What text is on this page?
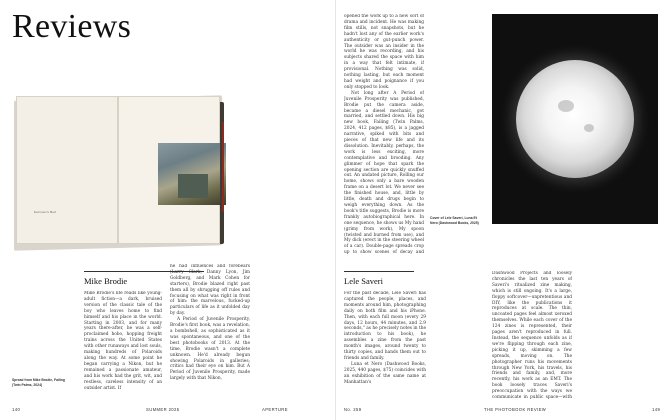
Reviews
Kerouac's Bed
Spread from Mike Brodie, Failing (Twin Palms, 2024)
Mike Brodie

Mike Brodie's life reads like young-adult fiction—a dark, bruised version of the classic tale of the boy who leaves home to find himself and his place in the world. Starting in 2003, and for many years there-after, he was a self-proclaimed hobo, hopping freight trains across the United States with other runaways and lost souls, making hundreds of Polaroids along the way. At some point he began carrying a Nikon, but he remained a passionate amateur, and his work had the grit, wit, and restless, careless intensity of an outsider artist. If

he had influences and forebears (Larry Clark, Danny Lyon, Jim Goldberg, and Mark Cohen for starters), Brodie blazed right past them all by shrugging off rules and focusing on what was right in front of him: the marvelous, fucked-up particulars of life as it unfolded day by day.

A Period of Juvenile Prosperity, Brodie's first book, was a revelation, a bombshell, as sophisticated as it was spontaneous, and one of the best photobooks of 2013. At the time, Brodie wasn't a complete unknown. He'd already begun showing Polaroids in galleries; critics had their eye on him. But A Period of Juvenile Prosperity, made largely with that Nikon,

140	SUMMER 2025	APERTURE

opened the work up to a new sort of drama and incident. He was making film stills, not snapshots, but he hadn't lost any of the earlier work's authenticity or gut-punch power. The outsider was an insider in the world he was recording, and his subjects shared the space with him in a way that felt intimate, if provisional. Nothing was solid, nothing lasting, but each moment had weight and poignance if you only stopped to look.

Not long after A Period of Juvenile Prosperity was published, Brodie put the camera aside, became a diesel mechanic, got married, and settled down. His big new book, Failing (Twin Palms, 2024, 412 pages, $85), is a jagged narrative, spiked with bits and pieces of that new life and its dissolution. Inevitably, perhaps, the work is less exciting, more contemplative and brooding. Any glimmer of hope that spark the opening section are quickly snuffed out. An undated picture, Rolling our home, shows only a bare wooden frame on a desert lot. We never see the finished house, and, little by little, death and drugs begin to weigh everything down. As the book's title suggests, Brodie is more frankly autobiographical here. In one sequence, he shows us My hand (grimy from work), My spoon (twisted and burned from use), and My dick (erect in the steering wheel of a car). Double-page spreads crop up to show scenes of decay and

Cover of Lele Saveri, Luna Et Nero (Dashwood Books, 2025)
Lele Saveri

For the past decade, Lele Saveri has captured the people, places, and moments around him, photographing daily on both film and his iPhone. Then, with each full moon (every 29 days, 12 hours, 44 minutes, and 2.9 seconds," as he precisely notes in the introduction to his book), he assembles a zine from the past month's images, around twenty to thirty copies, and hands them out to friends and family.

Luna et Nero (Dashwood Books, 2025, 440 pages, $75) coincides with an exhibition of the same name at Manhattan's

Dashwood Projects and loosely chronicles the last ten years of Saveri's ritualized zine making, which is still ongoing. It's a large, floppy softcover—unpretentious and DIY, like the publications it reproduces at scale. The thin, uncoated pages feel almost xeroxed themselves. While each cover of the 124 zines is represented, their pages aren't reproduced in full. Instead, the sequence unfolds as if we're flipping through each zine, picking it up, skimming a few spreads, moving on. The photographer runs his movements through New York, his travels, his friends and family, and, more recently, his work as an EMT. The book loosely traces Saveri's preoccupation with the ways we communicate in public space—with

No. 259	THE PHOTOBOOK REVIEW	149
